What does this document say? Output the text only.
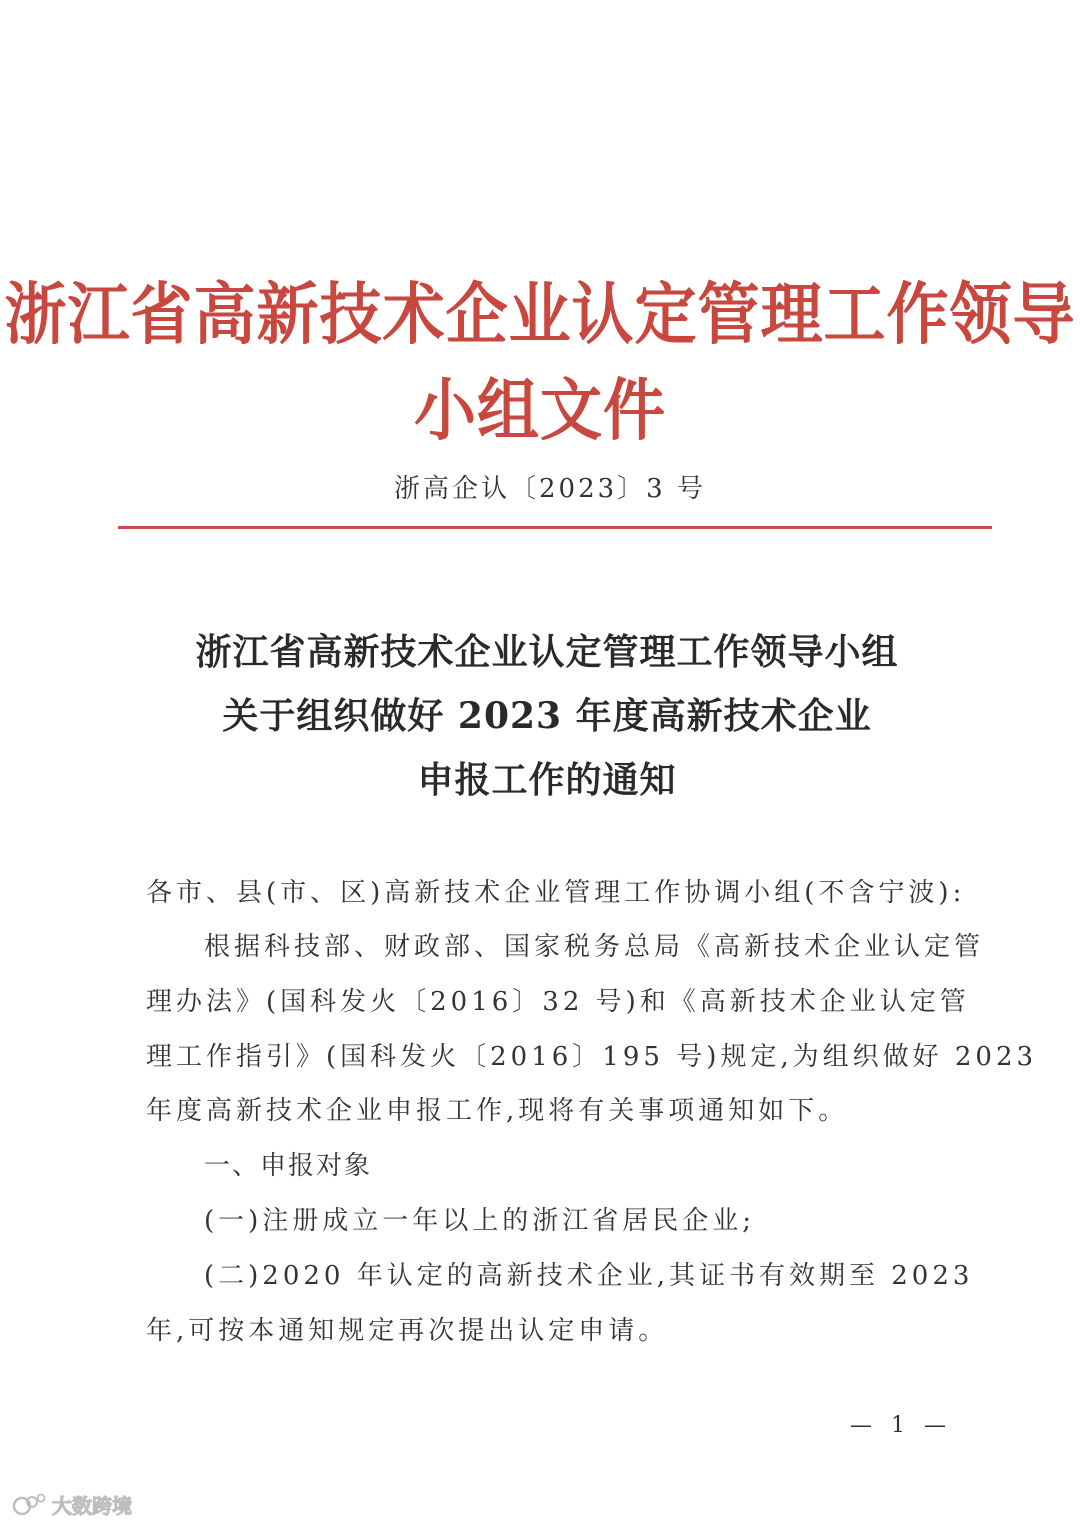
浙江省高新技术企业认定管理工作领导小组文件
浙高企认〔2023〕3 号
浙江省高新技术企业认定管理工作领导小组
关于组织做好 2023 年度高新技术企业
申报工作的通知
各市、县(市、区)高新技术企业管理工作协调小组(不含宁波):
根据科技部、财政部、国家税务总局《高新技术企业认定管
理办法》(国科发火〔2016〕32 号)和《高新技术企业认定管
理工作指引》(国科发火〔2016〕195 号)规定,为组织做好 2023
年度高新技术企业申报工作,现将有关事项通知如下。
一、申报对象
(一)注册成立一年以上的浙江省居民企业;
(二)2020 年认定的高新技术企业,其证书有效期至 2023
年,可按本通知规定再次提出认定申请。
— 1 —
大数跨境
